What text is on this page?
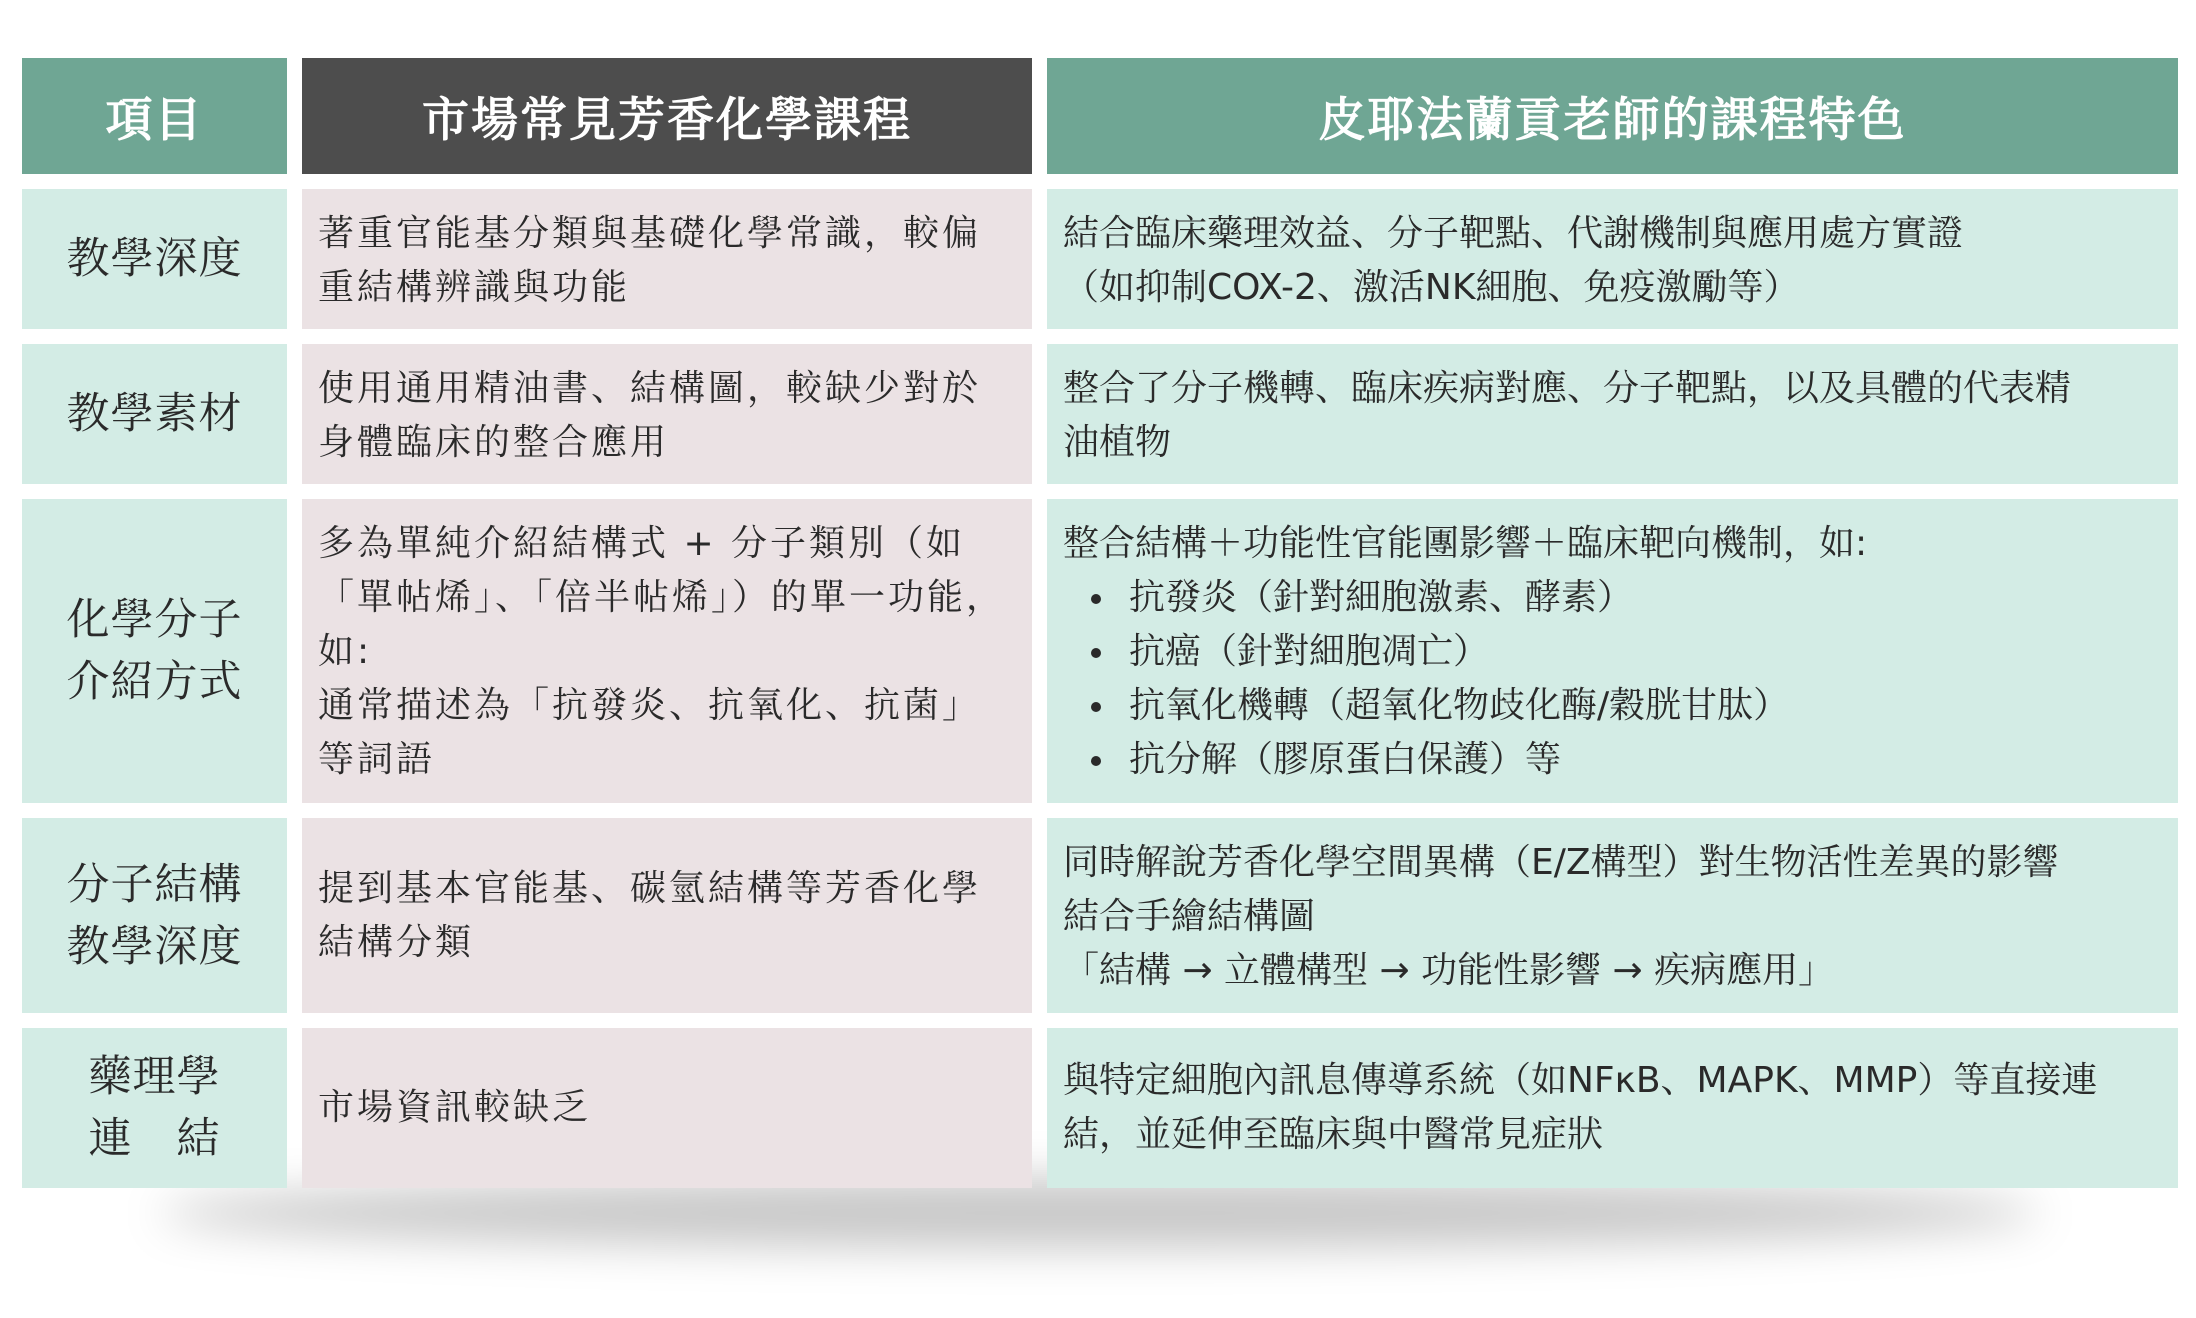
項目	市場常見芳香化學課程	皮耶法蘭貢老師的課程特色
教學深度
著重官能基分類與基礎化學常識，較偏
重結構辨識與功能
結合臨床藥理效益、分子靶點、代謝機制與應用處方實證
（如抑制COX-2、激活NK細胞、免疫激勵等）
教學素材
使用通用精油書、結構圖，較缺少對於
身體臨床的整合應用
整合了分子機轉、臨床疾病對應、分子靶點，以及具體的代表精
油植物
化學分子
介紹方式
多為單純介紹結構式 + 分子類別（如
「單帖烯」、「倍半帖烯」）的單一功能，
如:
通常描述為「抗發炎、抗氧化、抗菌」
等詞語
整合結構＋功能性官能團影響＋臨床靶向機制，如:
抗發炎（針對細胞激素、酵素）
抗癌（針對細胞凋亡）
抗氧化機轉（超氧化物歧化酶/穀胱甘肽）
抗分解（膠原蛋白保護）等
分子結構
教學深度
提到基本官能基、碳氫結構等芳香化學
結構分類
同時解說芳香化學空間異構（E/Z構型）對生物活性差異的影響
結合手繪結構圖
「結構 → 立體構型 → 功能性影響 → 疾病應用」
藥理學
連　結
市場資訊較缺乏
與特定細胞內訊息傳導系統（如NFκB、MAPK、MMP）等直接連
結，並延伸至臨床與中醫常見症狀
